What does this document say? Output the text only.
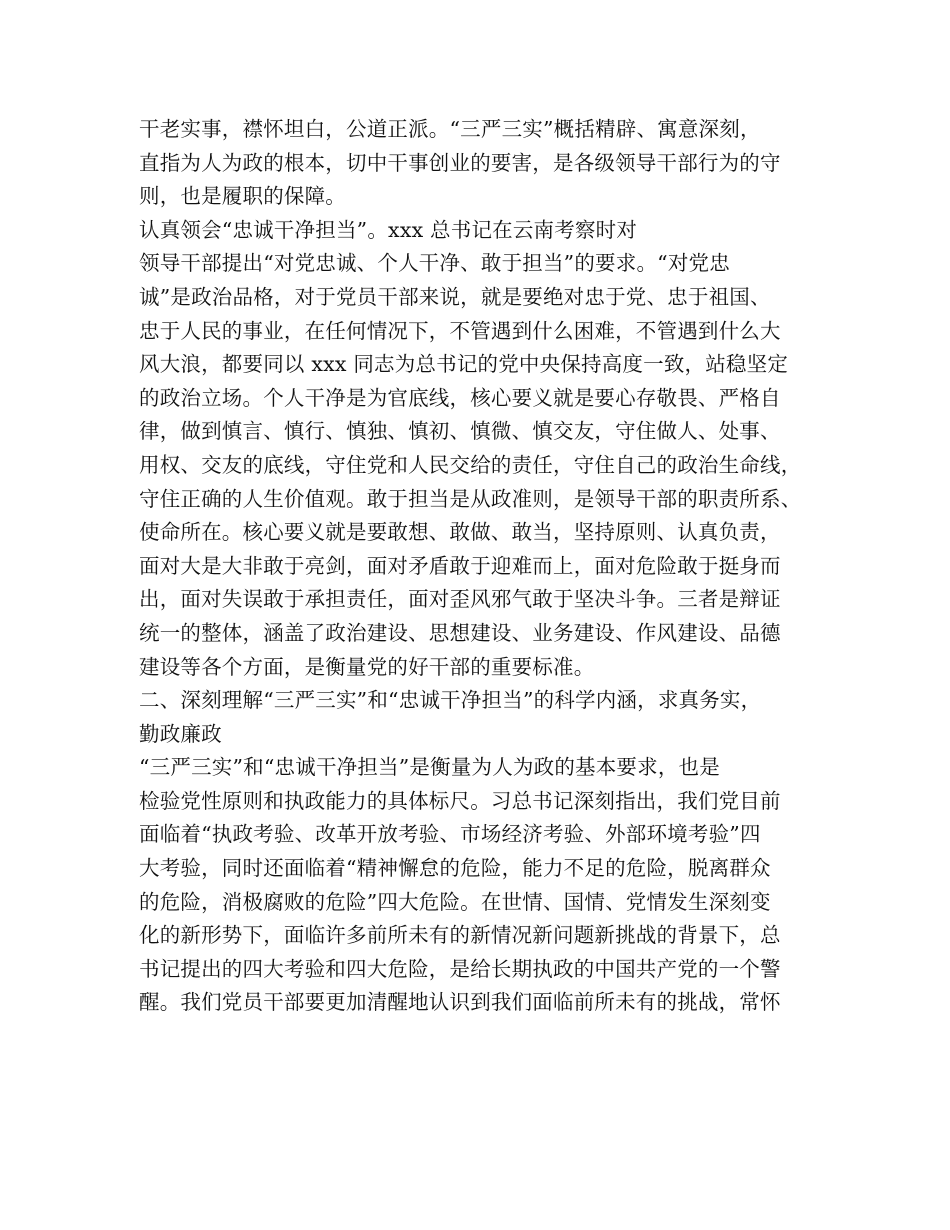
干老实事，襟怀坦白，公道正派。“三严三实”概括精辟、寓意深刻，
直指为人为政的根本，切中干事创业的要害，是各级领导干部行为的守
则，也是履职的保障。
认真领会“忠诚干净担当”。xxx 总书记在云南考察时对
领导干部提出“对党忠诚、个人干净、敢于担当”的要求。“对党忠
诚”是政治品格，对于党员干部来说，就是要绝对忠于党、忠于祖国、
忠于人民的事业，在任何情况下，不管遇到什么困难，不管遇到什么大
风大浪，都要同以 xxx 同志为总书记的党中央保持高度一致，站稳坚定
的政治立场。个人干净是为官底线，核心要义就是要心存敬畏、严格自
律，做到慎言、慎行、慎独、慎初、慎微、慎交友，守住做人、处事、
用权、交友的底线，守住党和人民交给的责任，守住自己的政治生命线，
守住正确的人生价值观。敢于担当是从政准则，是领导干部的职责所系、
使命所在。核心要义就是要敢想、敢做、敢当，坚持原则、认真负责，
面对大是大非敢于亮剑，面对矛盾敢于迎难而上，面对危险敢于挺身而
出，面对失误敢于承担责任，面对歪风邪气敢于坚决斗争。三者是辩证
统一的整体，涵盖了政治建设、思想建设、业务建设、作风建设、品德
建设等各个方面，是衡量党的好干部的重要标准。
二、深刻理解“三严三实”和“忠诚干净担当”的科学内涵，求真务实，
勤政廉政
“三严三实”和“忠诚干净担当”是衡量为人为政的基本要求，也是
检验党性原则和执政能力的具体标尺。习总书记深刻指出，我们党目前
面临着“执政考验、改革开放考验、市场经济考验、外部环境考验”四
大考验，同时还面临着“精神懈怠的危险，能力不足的危险，脱离群众
的危险，消极腐败的危险”四大危险。在世情、国情、党情发生深刻变
化的新形势下，面临许多前所未有的新情况新问题新挑战的背景下，总
书记提出的四大考验和四大危险，是给长期执政的中国共产党的一个警
醒。我们党员干部要更加清醒地认识到我们面临前所未有的挑战，常怀
